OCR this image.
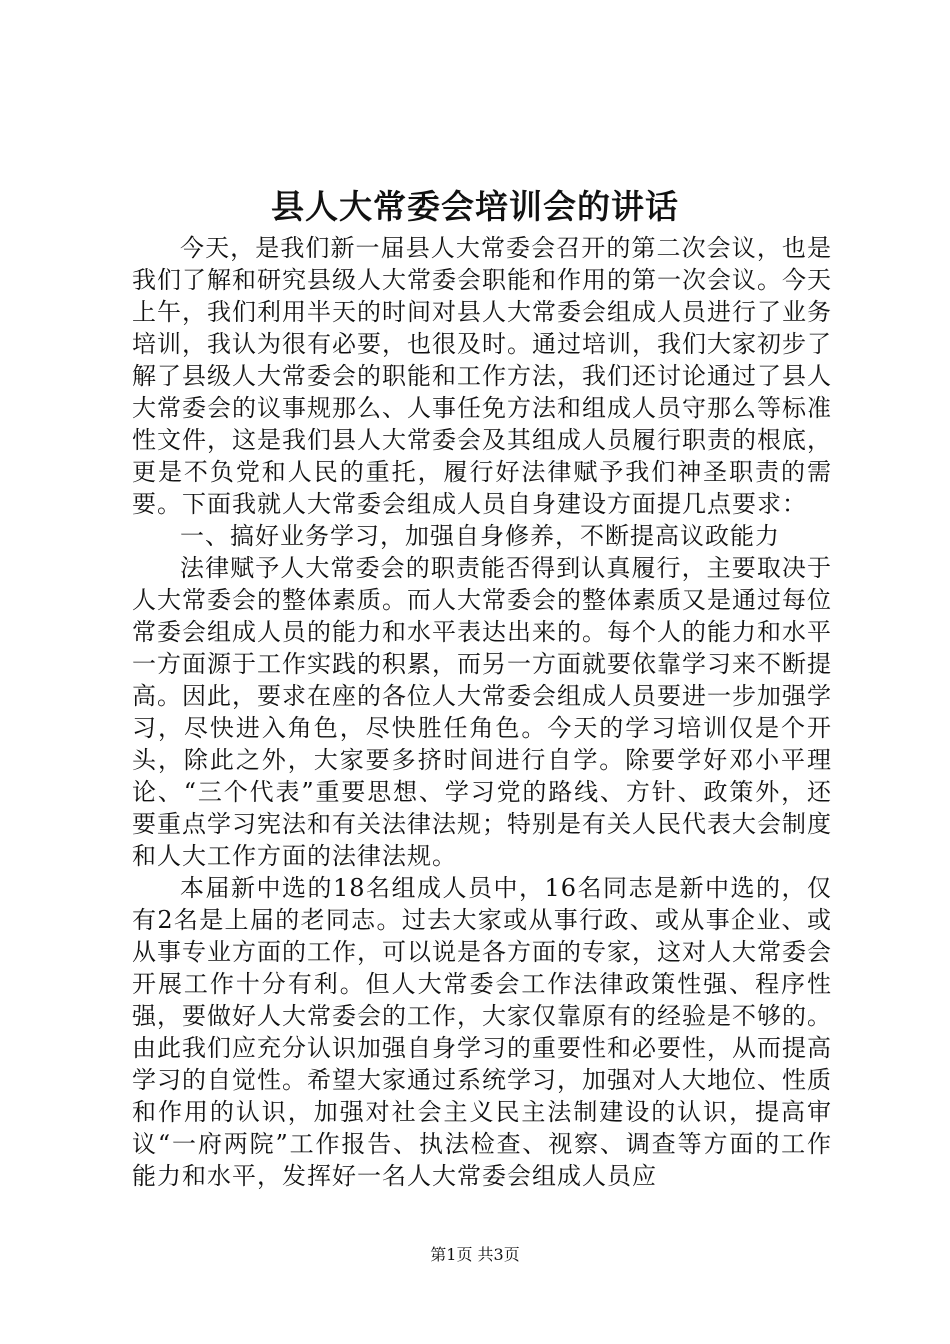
县人大常委会培训会的讲话

今天，是我们新一届县人大常委会召开的第二次会议，也是我们了解和研究县级人大常委会职能和作用的第一次会议。今天上午，我们利用半天的时间对县人大常委会组成人员进行了业务培训，我认为很有必要，也很及时。通过培训，我们大家初步了解了县级人大常委会的职能和工作方法，我们还讨论通过了县人大常委会的议事规那么、人事任免方法和组成人员守那么等标准性文件，这是我们县人大常委会及其组成人员履行职责的根底，更是不负党和人民的重托，履行好法律赋予我们神圣职责的需要。下面我就人大常委会组成人员自身建设方面提几点要求：

一、搞好业务学习，加强自身修养，不断提高议政能力

法律赋予人大常委会的职责能否得到认真履行，主要取决于人大常委会的整体素质。而人大常委会的整体素质又是通过每位常委会组成人员的能力和水平表达出来的。每个人的能力和水平一方面源于工作实践的积累，而另一方面就要依靠学习来不断提高。因此，要求在座的各位人大常委会组成人员要进一步加强学习，尽快进入角色，尽快胜任角色。今天的学习培训仅是个开头，除此之外，大家要多挤时间进行自学。除要学好邓小平理论、“三个代表”重要思想、学习党的路线、方针、政策外，还要重点学习宪法和有关法律法规；特别是有关人民代表大会制度和人大工作方面的法律法规。

本届新中选的18名组成人员中，16名同志是新中选的，仅有2名是上届的老同志。过去大家或从事行政、或从事企业、或从事专业方面的工作，可以说是各方面的专家，这对人大常委会开展工作十分有利。但人大常委会工作法律政策性强、程序性强，要做好人大常委会的工作，大家仅靠原有的经验是不够的。由此我们应充分认识加强自身学习的重要性和必要性，从而提高学习的自觉性。希望大家通过系统学习，加强对人大地位、性质和作用的认识，加强对社会主义民主法制建设的认识，提高审议“一府两院”工作报告、执法检查、视察、调查等方面的工作能力和水平，发挥好一名人大常委会组成人员应

第1页 共3页
